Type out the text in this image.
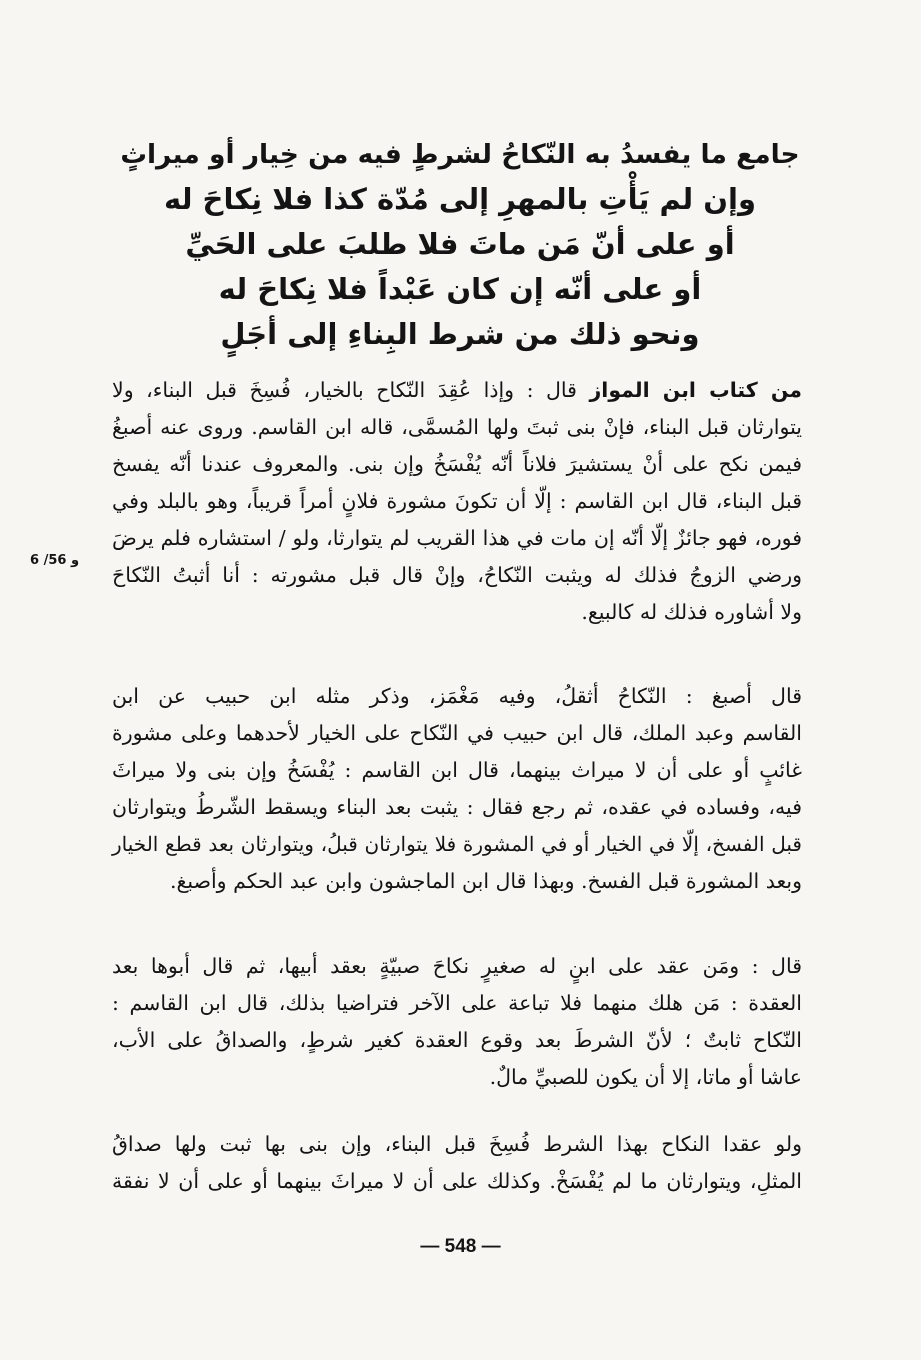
جامع ما يفسدُ به النّكاحُ لشرطٍ فيه من خِيار أو ميراثٍ
وإن لم يَأْتِ بالمهرِ إلى مُدّة كذا فلا نِكاحَ له
أو على أنّ مَن ماتَ فلا طلبَ على الحَيِّ
أو على أنّه إن كان عَبْداً فلا نِكاحَ له
ونحو ذلك من شرط البِناءِ إلى أجَلٍ
من كتاب ابن المواز قال : وإذا عُقِدَ النّكاح بالخيار، فُسِخَ قبل البناء، ولا
يتوارثان قبل البناء، فإنْ بنى ثبتَ ولها المُسمَّى، قاله ابن القاسم. وروى عنه أصبغُ
فيمن نكح على أنْ يستشيرَ فلاناً أنّه يُفْسَخُ وإن بنى. والمعروف عندنا أنّه يفسخ
قبل البناء، قال ابن القاسم : إلّا أن تكونَ مشورة فلانٍ أمراً قريباً، وهو بالبلد وفي
فوره، فهو جائزٌ إلّا أنّه إن مات في هذا القريب لم يتوارثا، ولو / استشاره فلم يرضَ
ورضي الزوجُ فذلك له ويثبت النّكاحُ، وإنْ قال قبل مشورته : أنا أثبتُ النّكاحَ
ولا أشاوره فذلك له كالبيع.
6 /56 و
قال أصبغ : النّكاحُ أثقلُ، وفيه مَغْمَز، وذكر مثله ابن حبيب عن ابن
القاسم وعبد الملك، قال ابن حبيب في النّكاح على الخيار لأحدهما وعلى مشورة
غائبٍ أو على أن لا ميراث بينهما، قال ابن القاسم : يُفْسَخُ وإن بنى ولا ميراثَ
فيه، وفساده في عقده، ثم رجع فقال : يثبت بعد البناء ويسقط الشّرطُ ويتوارثان
قبل الفسخ، إلّا في الخيار أو في المشورة فلا يتوارثان قبلُ، ويتوارثان بعد قطع الخيار
وبعد المشورة قبل الفسخ. وبهذا قال ابن الماجشون وابن عبد الحكم وأصبغ.
قال : ومَن عقد على ابنٍ له صغيرٍ نكاحَ صبيّةٍ بعقد أبيها، ثم قال أبوها بعد
العقدة : مَن هلك منهما فلا تباعة على الآخر فتراضيا بذلك، قال ابن القاسم :
النّكاح ثابتٌ ؛ لأنّ الشرطَ بعد وقوع العقدة كغير شرطٍ، والصداقُ على الأب،
عاشا أو ماتا، إلا أن يكون للصبيِّ مالٌ.
ولو عقدا النكاح بهذا الشرط فُسِخَ قبل البناء، وإن بنى بها ثبت ولها صداقُ
المثلِ، ويتوارثان ما لم يُفْسَخْ. وكذلك على أن لا ميراثَ بينهما أو على أن لا نفقة
— 548 —
